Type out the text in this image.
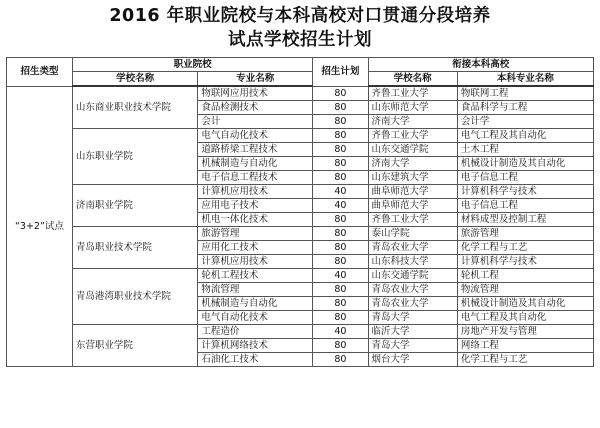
2016 年职业院校与本科高校对口贯通分段培养
试点学校招生计划
招生类型	职业院校		招生计划	衔接本科高校	
	学校名称	专业名称		学校名称	本科专业名称
“3+2”试点	山东商业职业技术学院	物联网应用技术	80	齐鲁工业大学	物联网工程
		食品检测技术	80	山东师范大学	食品科学与工程
		会计	80	济南大学	会计学
	山东职业学院	电气自动化技术	80	齐鲁工业大学	电气工程及其自动化
		道路桥梁工程技术	80	山东交通学院	土木工程
		机械制造与自动化	80	济南大学	机械设计制造及其自动化
		电子信息工程技术	80	山东建筑大学	电子信息工程
	济南职业学院	计算机应用技术	40	曲阜师范大学	计算机科学与技术
		应用电子技术	40	曲阜师范大学	电子信息工程
		机电一体化技术	80	齐鲁工业大学	材料成型及控制工程
	青岛职业技术学院	旅游管理	80	泰山学院	旅游管理
		应用化工技术	80	青岛农业大学	化学工程与工艺
		计算机应用技术	80	山东科技大学	计算机科学与技术
	青岛港湾职业技术学院	轮机工程技术	40	山东交通学院	轮机工程
		物流管理	80	青岛农业大学	物流管理
		机械制造与自动化	80	青岛农业大学	机械设计制造及其自动化
		电气自动化技术	80	青岛大学	电气工程及其自动化
	东营职业学院	工程造价	40	临沂大学	房地产开发与管理
		计算机网络技术	80	青岛大学	网络工程
		石油化工技术	80	烟台大学	化学工程与工艺
